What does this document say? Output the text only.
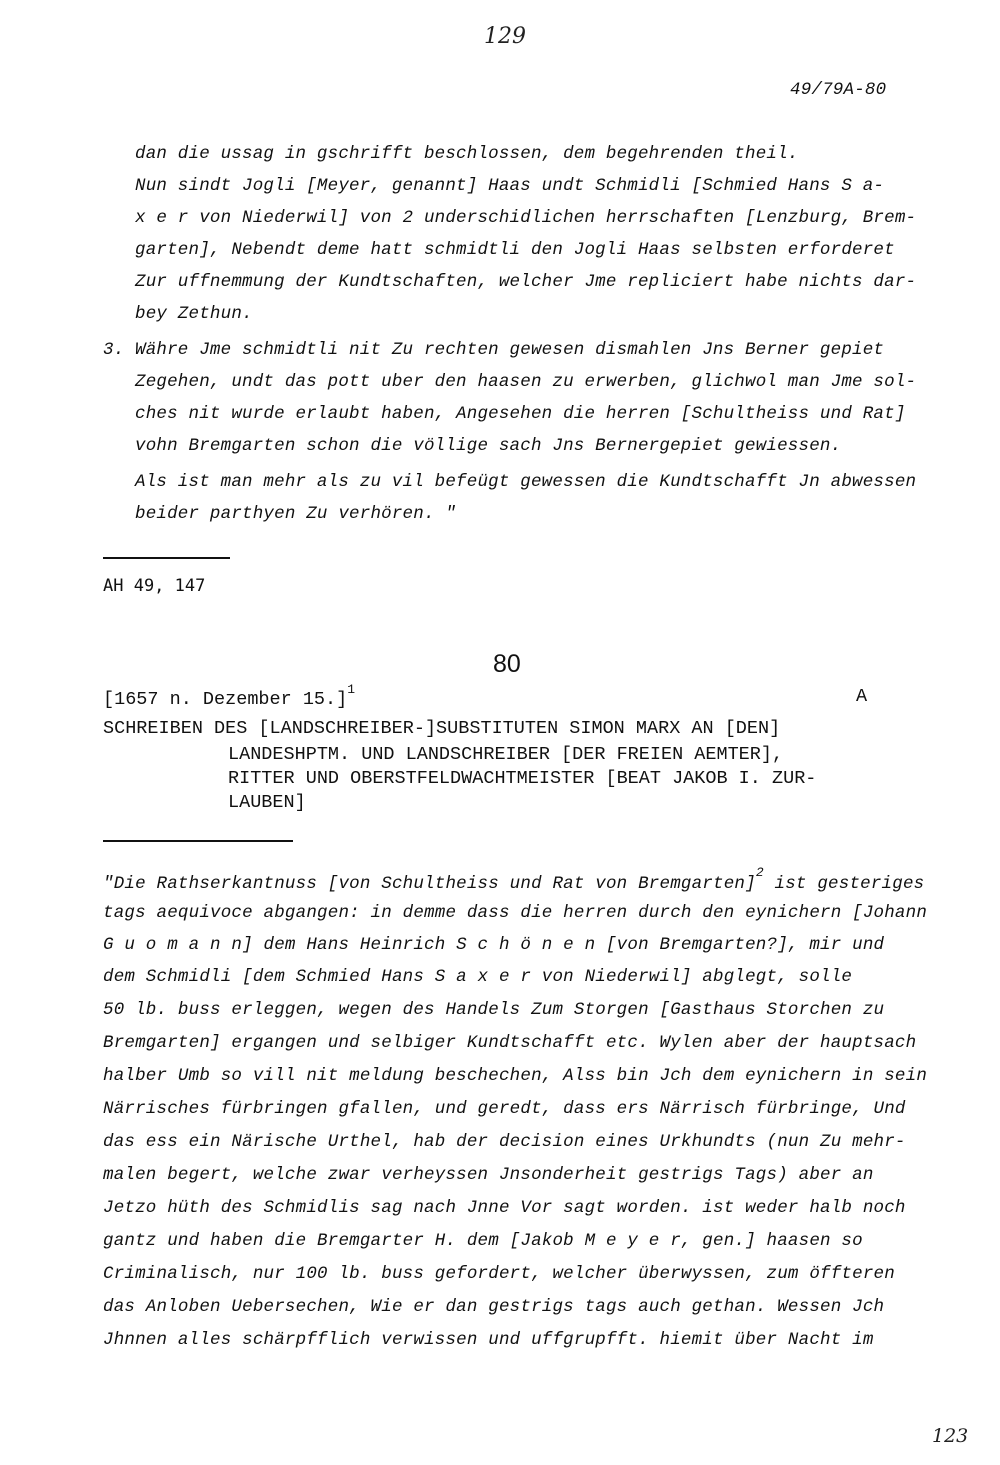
129
49/79A-80
dan die ussag in gschrifft beschlossen, dem begehrenden theil.
Nun sindt Jogli [Meyer, genannt] Haas undt Schmidli [Schmied Hans S a-
x e r von Niederwil] von 2 underschidlichen herrschaften [Lenzburg, Brem-
garten], Nebendt deme hatt schmidtli den Jogli Haas selbsten erforderet
Zur uffnemmung der Kundtschaften, welcher Jme repliciert habe nichts dar-
bey Zethun.
3. Währe Jme schmidtli nit Zu rechten gewesen dismahlen Jns Berner gepiet
Zegehen, undt das pott uber den haasen zu erwerben, glichwol man Jme sol-
ches nit wurde erlaubt haben, Angesehen die herren [Schultheiss und Rat]
vohn Bremgarten schon die völlige sach Jns Bernergepiet gewiessen.
Als ist man mehr als zu vil befeügt gewessen die Kundtschafft Jn abwessen
beider parthyen Zu verhören. "
AH 49, 147
80
[1657 n. Dezember 15.]$^1$	A
SCHREIBEN DES [LANDSCHREIBER-]SUBSTITUTEN SIMON MARX AN [DEN]
LANDESHPTM. UND LANDSCHREIBER [DER FREIEN AEMTER],
RITTER UND OBERSTFELDWACHTMEISTER [BEAT JAKOB I. ZUR-
LAUBEN]
"Die Rathserkantnuss [von Schultheiss und Rat von Bremgarten]$^2$ ist gesteriges
tags aequivoce abgangen: in demme dass die herren durch den eynichern [Johann
G u o m a n n] dem Hans Heinrich S c h ö n e n [von Bremgarten?], mir und
dem Schmidli [dem Schmied Hans S a x e r von Niederwil] abglegt, solle
50 lb. buss erleggen, wegen des Handels Zum Storgen [Gasthaus Storchen zu
Bremgarten] ergangen und selbiger Kundtschafft etc. Wylen aber der hauptsach
halber Umb so vill nit meldung beschechen, Alss bin Jch dem eynichern in sein
Närrisches fürbringen gfallen, und geredt, dass ers Närrisch fürbringe, Und
das ess ein Närische Urthel, hab der decision eines Urkhundts (nun Zu mehr-
malen begert, welche zwar verheyssen Jnsonderheit gestrigs Tags) aber an
Jetzo hüth des Schmidlis sag nach Jnne Vor sagt worden. ist weder halb noch
gantz und haben die Bremgarter H. dem [Jakob M e y e r, gen.] haasen so
Criminalisch, nur 100 lb. buss gefordert, welcher überwyssen, zum öffteren
das Anloben Uebersechen, Wie er dan gestrigs tags auch gethan. Wessen Jch
Jhnnen alles schärpfflich verwissen und uffgrupfft. hiemit über Nacht im
123
